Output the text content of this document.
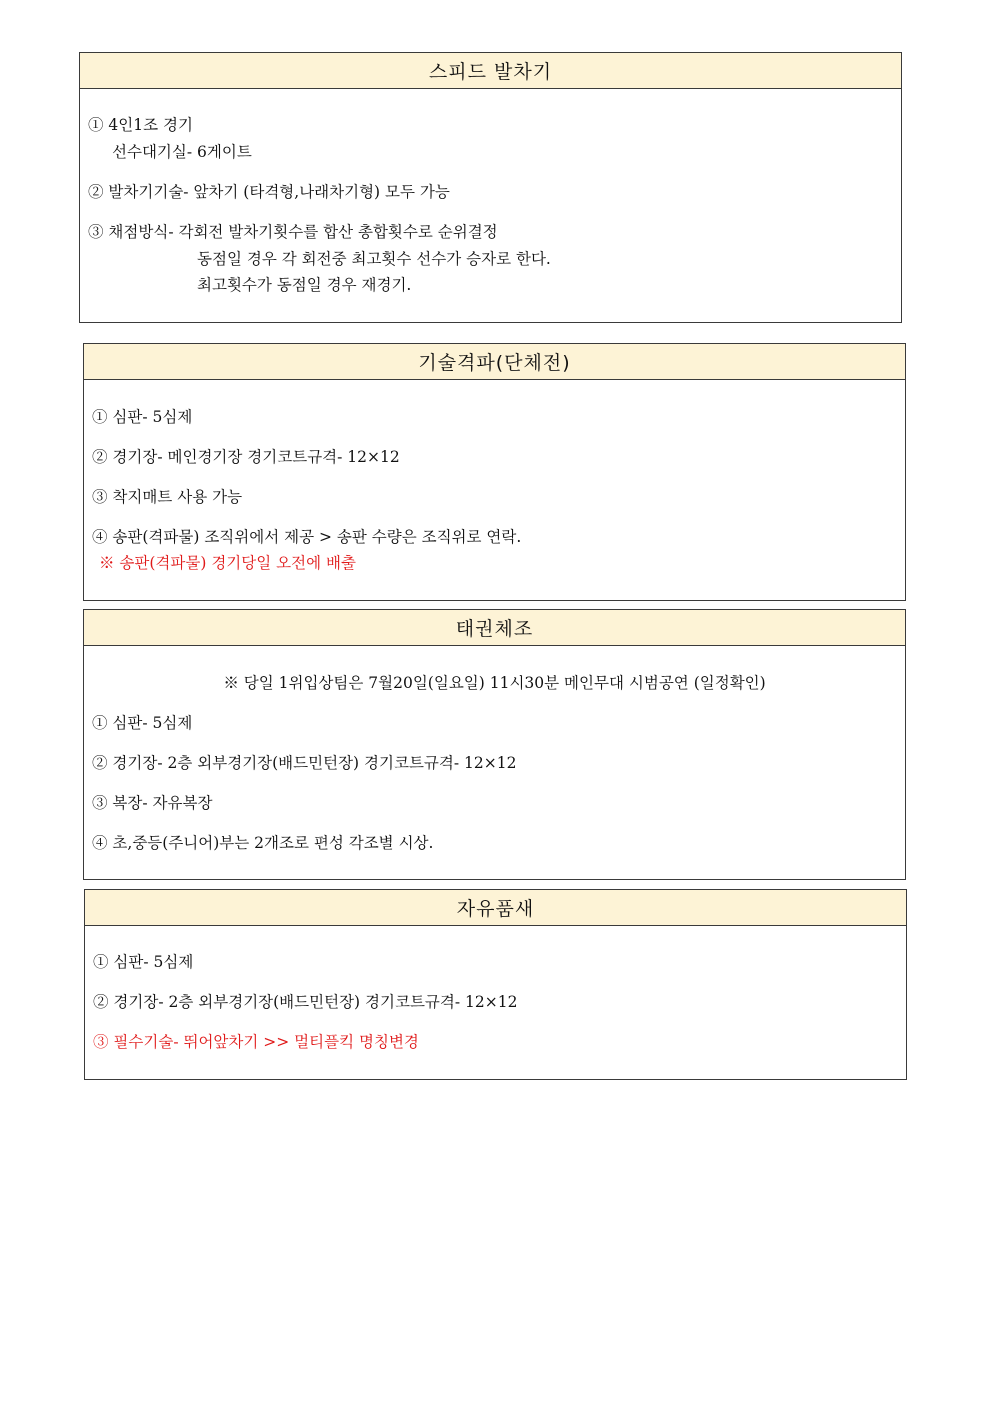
스피드 발차기
① 4인1조 경기
선수대기실- 6게이트
② 발차기기술- 앞차기 (타격형,나래차기형) 모두 가능
③ 채점방식- 각회전 발차기횟수를 합산 총합횟수로 순위결정
동점일 경우 각 회전중 최고횟수 선수가 승자로 한다.
최고횟수가 동점일 경우 재경기.
기술격파(단체전)
① 심판- 5심제
② 경기장- 메인경기장 경기코트규격- 12×12
③ 착지매트 사용 가능
④ 송판(격파물) 조직위에서 제공 > 송판 수량은 조직위로 연락.
※ 송판(격파물) 경기당일 오전에 배출
태권체조
※ 당일 1위입상팀은 7월20일(일요일) 11시30분 메인무대 시범공연 (일정확인)
① 심판- 5심제
② 경기장- 2층 외부경기장(배드민턴장) 경기코트규격- 12×12
③ 복장- 자유복장
④ 초,중등(주니어)부는 2개조로 편성 각조별 시상.
자유품새
① 심판- 5심제
② 경기장- 2층 외부경기장(배드민턴장) 경기코트규격- 12×12
③ 필수기술- 뛰어앞차기 >> 멀티플킥 명칭변경
